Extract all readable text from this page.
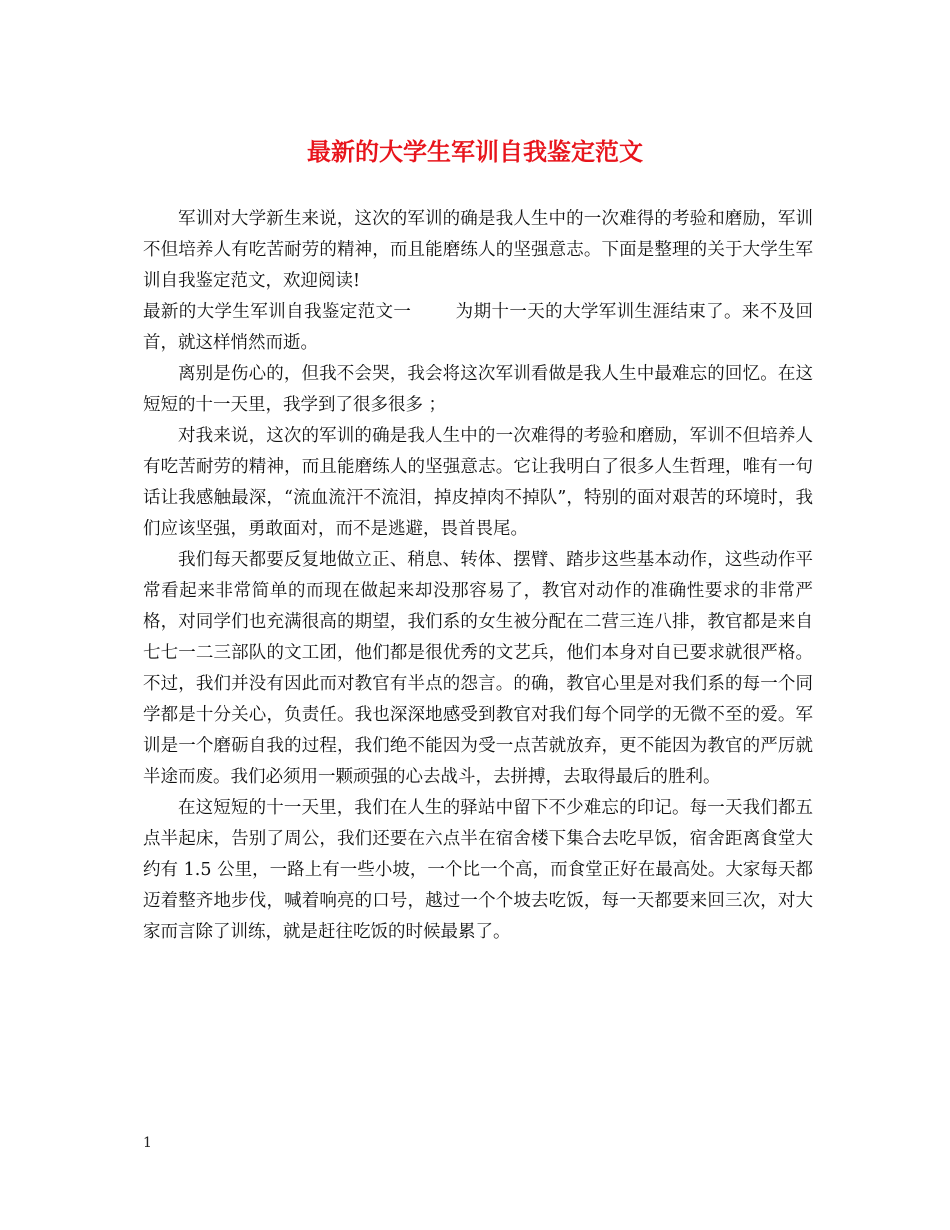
最新的大学生军训自我鉴定范文

军训对大学新生来说，这次的军训的确是我人生中的一次难得的考验和磨励，军训不但培养人有吃苦耐劳的精神，而且能磨练人的坚强意志。下面是整理的关于大学生军训自我鉴定范文，欢迎阅读!

最新的大学生军训自我鉴定范文一	为期十一天的大学军训生涯结束了。来不及回首，就这样悄然而逝。

离别是伤心的，但我不会哭，我会将这次军训看做是我人生中最难忘的回忆。在这短短的十一天里，我学到了很多很多 ；

对我来说，这次的军训的确是我人生中的一次难得的考验和磨励，军训不但培养人有吃苦耐劳的精神，而且能磨练人的坚强意志。它让我明白了很多人生哲理，唯有一句话让我感触最深，“流血流汗不流泪，掉皮掉肉不掉队”，特别的面对艰苦的环境时，我们应该坚强，勇敢面对，而不是逃避，畏首畏尾。

我们每天都要反复地做立正、稍息、转体、摆臂、踏步这些基本动作，这些动作平常看起来非常简单的而现在做起来却没那容易了，教官对动作的准确性要求的非常严格，对同学们也充满很高的期望，我们系的女生被分配在二营三连八排，教官都是来自七七一二三部队的文工团，他们都是很优秀的文艺兵，他们本身对自已要求就很严格。不过，我们并没有因此而对教官有半点的怨言。的确，教官心里是对我们系的每一个同学都是十分关心，负责任。我也深深地感受到教官对我们每个同学的无微不至的爱。军训是一个磨砺自我的过程，我们绝不能因为受一点苦就放弃，更不能因为教官的严厉就半途而废。我们必须用一颗顽强的心去战斗，去拼搏，去取得最后的胜利。

在这短短的十一天里，我们在人生的驿站中留下不少难忘的印记。每一天我们都五点半起床，告别了周公，我们还要在六点半在宿舍楼下集合去吃早饭，宿舍距离食堂大约有 1.5 公里，一路上有一些小坡，一个比一个高，而食堂正好在最高处。大家每天都迈着整齐地步伐，喊着响亮的口号，越过一个个坡去吃饭，每一天都要来回三次，对大家而言除了训练，就是赶往吃饭的时候最累了。

1
